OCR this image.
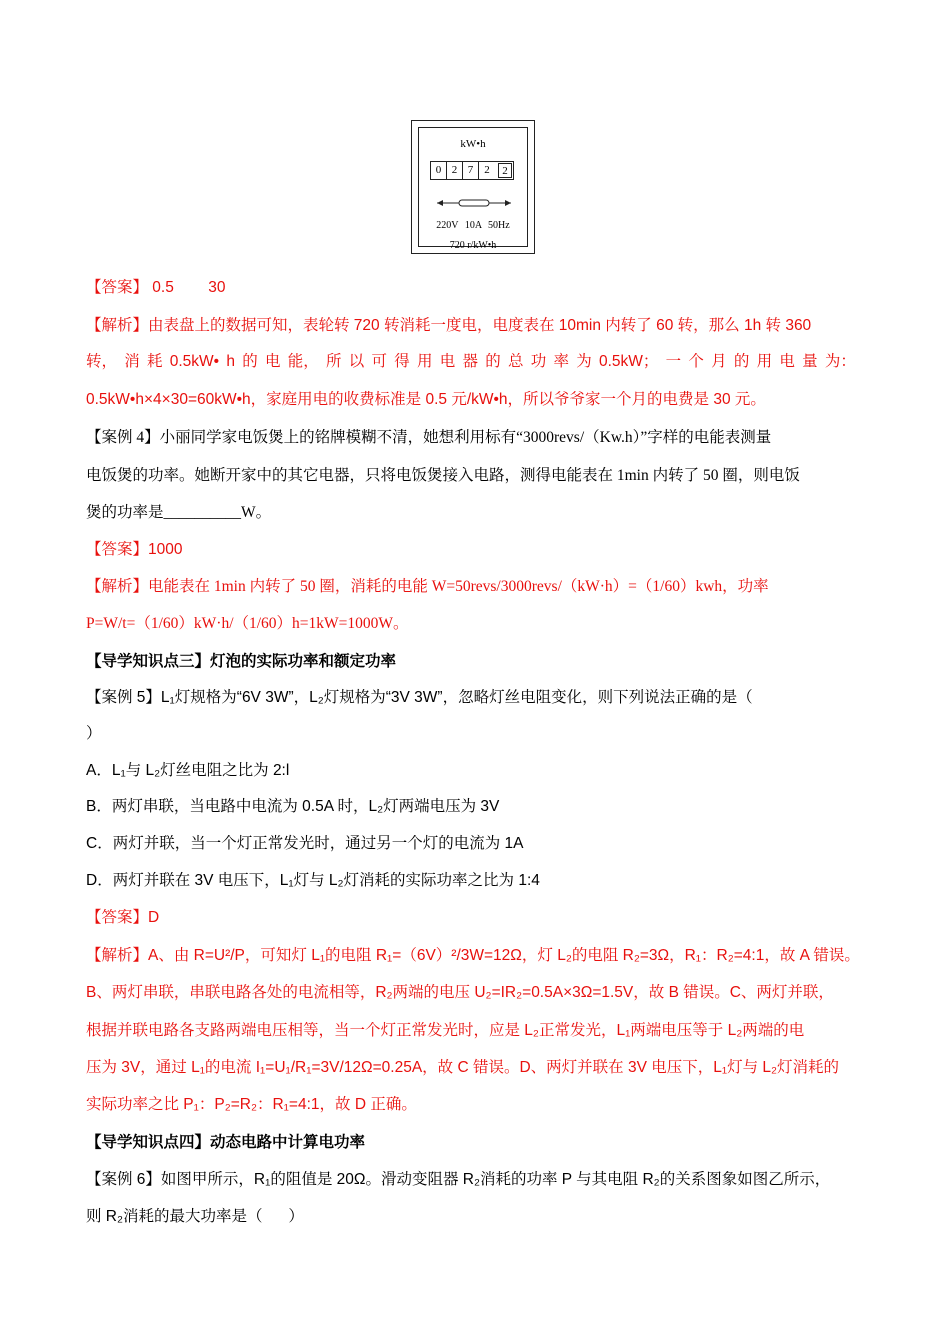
kW•h
0 2 7	2	2
220V 10A 50Hz
720 r/kW•h
【答案】 0.5        30
【解析】由表盘上的数据可知，表轮转 720 转消耗一度电，电度表在 10min 内转了 60 转，那么 1h 转 360
转， 消 耗 0.5kW• h 的 电 能， 所 以 可 得 用 电 器 的 总 功 率 为 0.5kW； 一 个 月 的 用 电 量 为：
0.5kW•h×4×30=60kW•h，家庭用电的收费标准是 0.5 元/kW•h，所以爷爷家一个月的电费是 30 元。
【案例 4】小丽同学家电饭煲上的铭牌模糊不清，她想利用标有“3000revs/（Kw.h）”字样的电能表测量
电饭煲的功率。她断开家中的其它电器，只将电饭煲接入电路，测得电能表在 1min 内转了 50 圈，则电饭
煲的功率是__________W。
【答案】1000
【解析】电能表在 1min 内转了 50 圈，消耗的电能 W=50revs/3000revs/（kW·h）=（1/60）kwh，功率
P=W/t=（1/60）kW·h/（1/60）h=1kW=1000W。
【导学知识点三】灯泡的实际功率和额定功率
【案例 5】L₁灯规格为“6V 3W”，L₂灯规格为“3V 3W”，忽略灯丝电阻变化，则下列说法正确的是（
）
A．L₁与 L₂灯丝电阻之比为 2:l
B．两灯串联，当电路中电流为 0.5A 时，L₂灯两端电压为 3V
C．两灯并联，当一个灯正常发光时，通过另一个灯的电流为 1A
D．两灯并联在 3V 电压下，L₁灯与 L₂灯消耗的实际功率之比为 1:4
【答案】D
【解析】A、由 R=U²/P，可知灯 L₁的电阻 R₁=（6V）²/3W=12Ω，灯 L₂的电阻 R₂=3Ω，R₁：R₂=4:1，故 A 错误。
B、两灯串联，串联电路各处的电流相等，R₂两端的电压 U₂=IR₂=0.5A×3Ω=1.5V，故 B 错误。C、两灯并联，
根据并联电路各支路两端电压相等，当一个灯正常发光时，应是 L₂正常发光，L₁两端电压等于 L₂两端的电
压为 3V，通过 L₁的电流 I₁=U₁/R₁=3V/12Ω=0.25A，故 C 错误。D、两灯并联在 3V 电压下，L₁灯与 L₂灯消耗的
实际功率之比 P₁：P₂=R₂：R₁=4:1，故 D 正确。
【导学知识点四】动态电路中计算电功率
【案例 6】如图甲所示，R₁的阻值是 20Ω。滑动变阻器 R₂消耗的功率 P 与其电阻 R₂的关系图象如图乙所示，
则 R₂消耗的最大功率是（      ）
